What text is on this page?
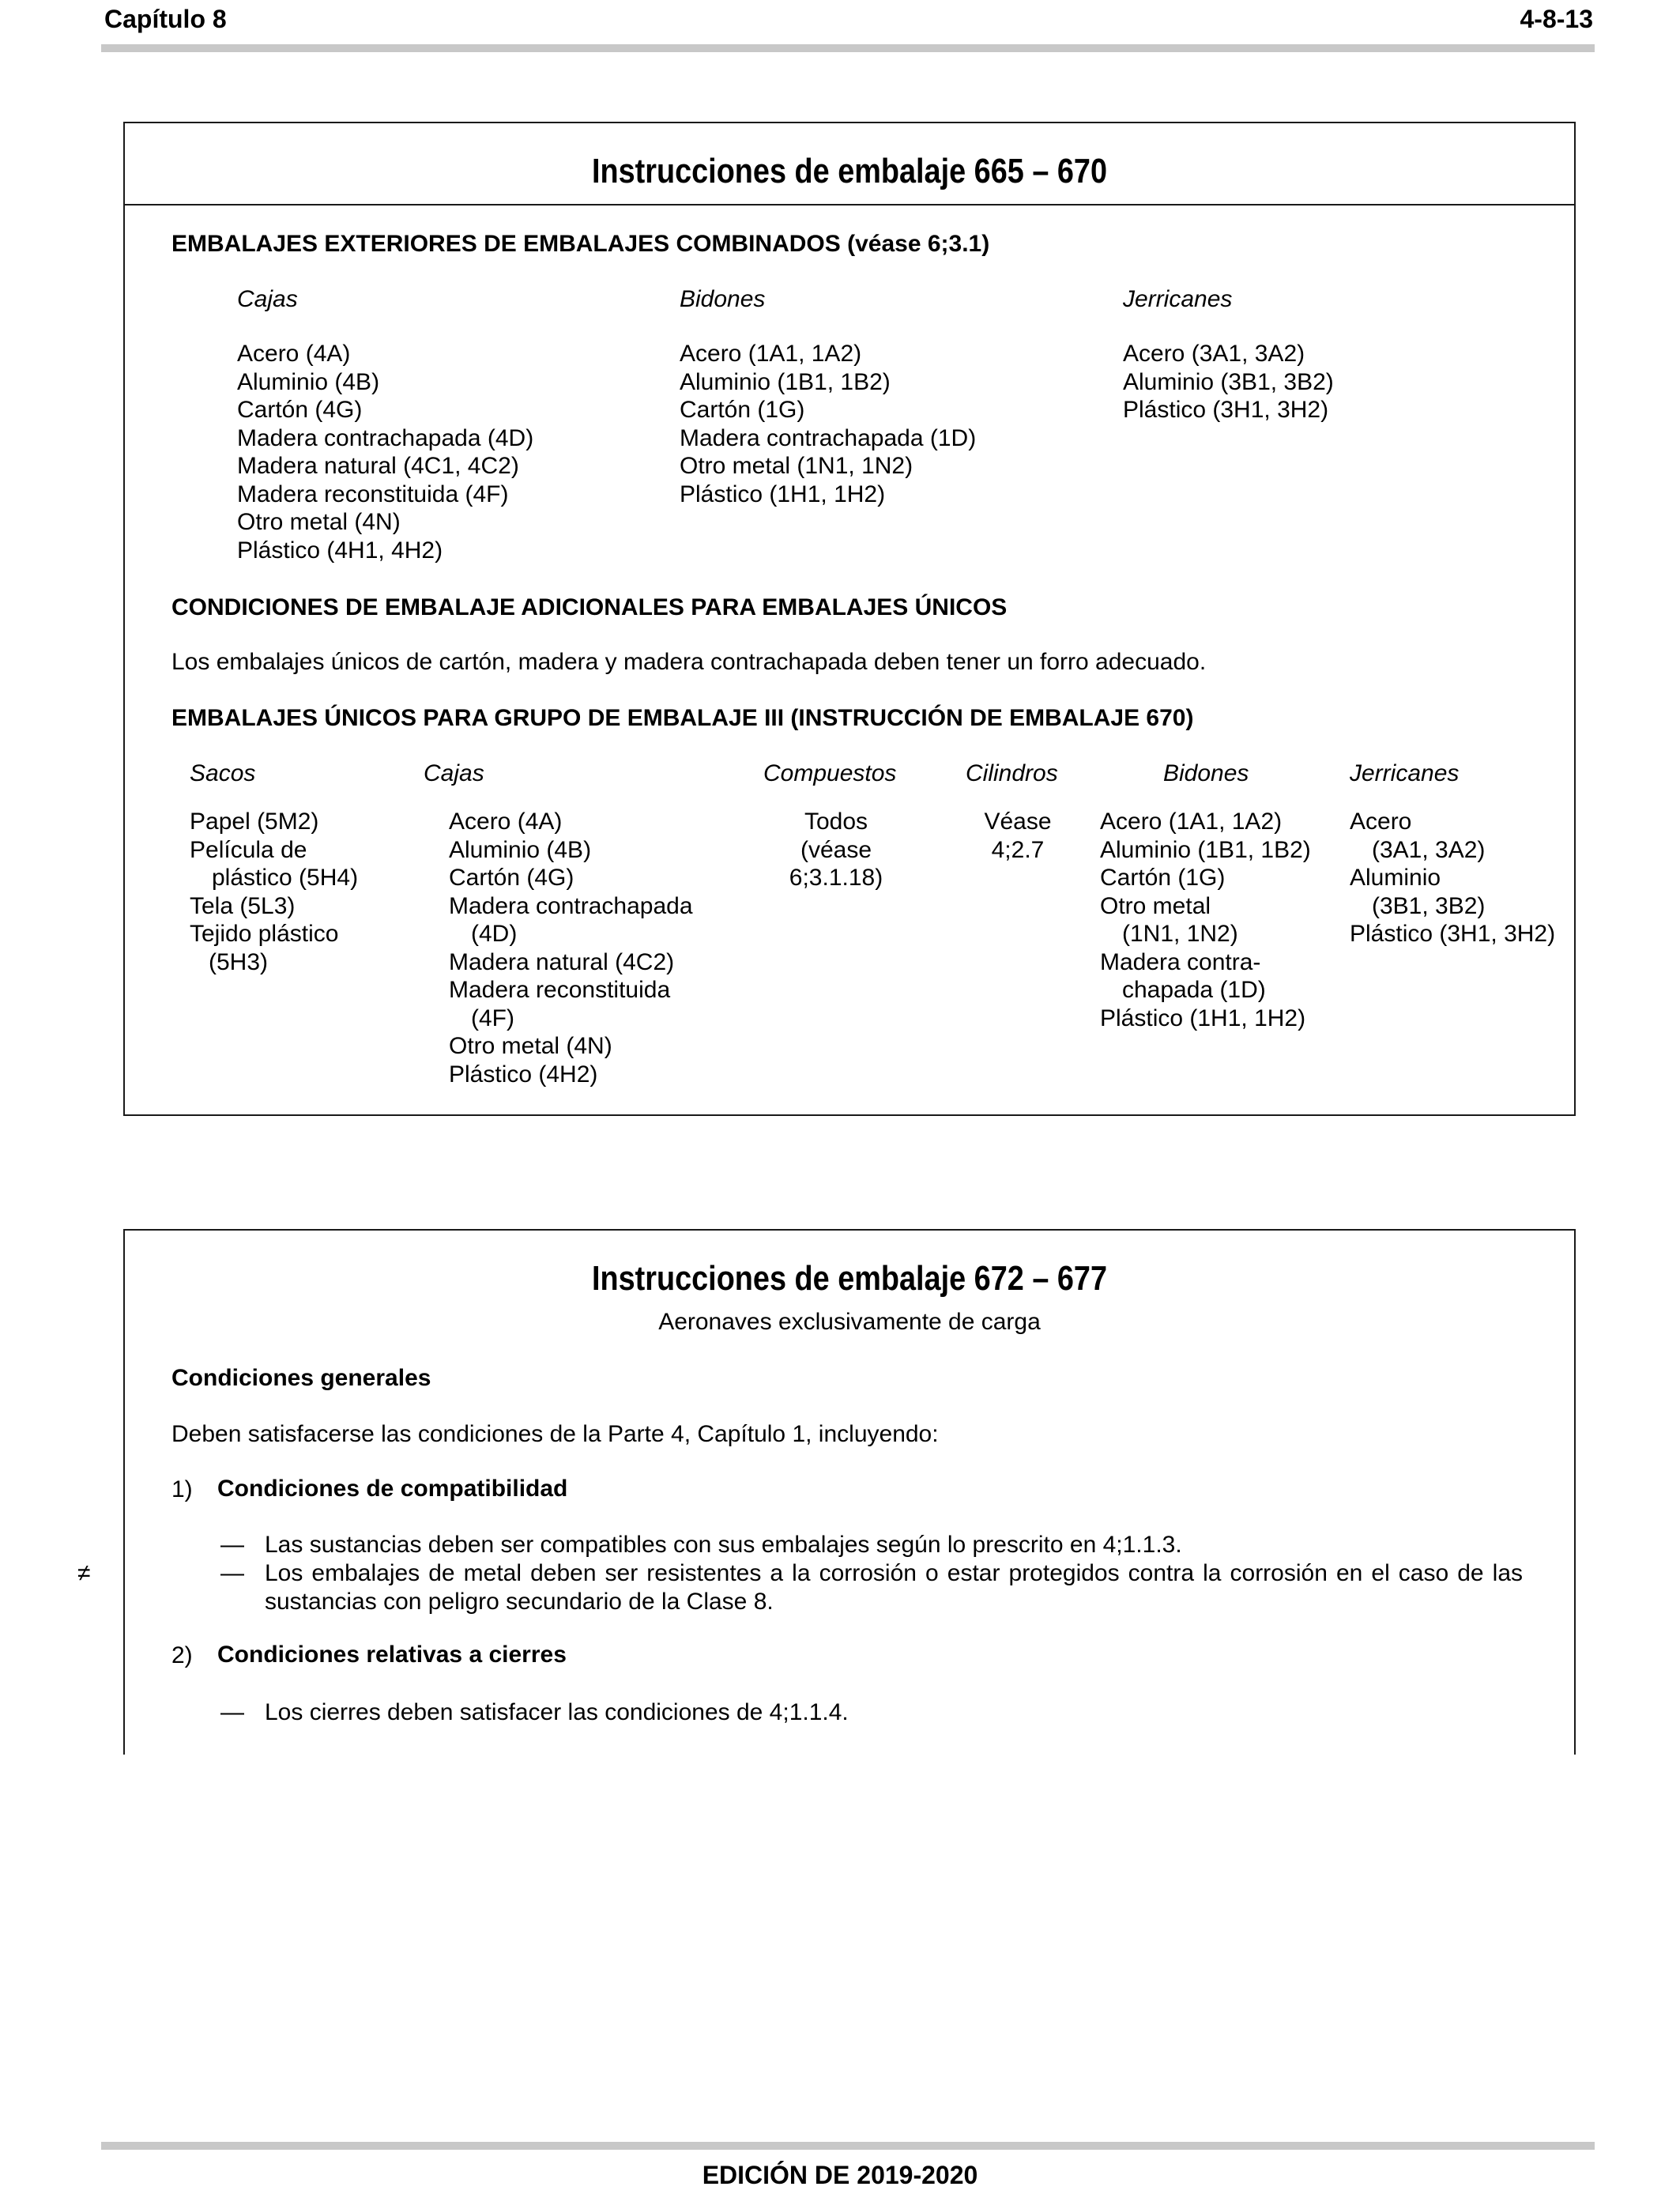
Capítulo 8	4-8-13
Instrucciones de embalaje 665 – 670
EMBALAJES EXTERIORES DE EMBALAJES COMBINADOS (véase 6;3.1)
Cajas
Acero (4A)
Aluminio (4B)
Cartón (4G)
Madera contrachapada (4D)
Madera natural (4C1, 4C2)
Madera reconstituida (4F)
Otro metal (4N)
Plástico (4H1, 4H2)
Bidones
Acero (1A1, 1A2)
Aluminio (1B1, 1B2)
Cartón (1G)
Madera contrachapada (1D)
Otro metal (1N1, 1N2)
Plástico (1H1, 1H2)
Jerricanes
Acero (3A1, 3A2)
Aluminio (3B1, 3B2)
Plástico (3H1, 3H2)
CONDICIONES DE EMBALAJE ADICIONALES PARA EMBALAJES ÚNICOS
Los embalajes únicos de cartón, madera y madera contrachapada deben tener un forro adecuado.
EMBALAJES ÚNICOS PARA GRUPO DE EMBALAJE III (INSTRUCCIÓN DE EMBALAJE 670)
Sacos
Papel (5M2)
Película de
plástico (5H4)
Tela (5L3)
Tejido plástico
(5H3)
Cajas
Acero (4A)
Aluminio (4B)
Cartón (4G)
Madera contrachapada
(4D)
Madera natural (4C2)
Madera reconstituida
(4F)
Otro metal (4N)
Plástico (4H2)
Compuestos
Todos
(véase
6;3.1.18)
Cilindros
Véase
4;2.7
Bidones
Acero (1A1, 1A2)
Aluminio (1B1, 1B2)
Cartón (1G)
Otro metal
(1N1, 1N2)
Madera contra-
chapada (1D)
Plástico (1H1, 1H2)
Jerricanes
Acero
(3A1, 3A2)
Aluminio
(3B1, 3B2)
Plástico (3H1, 3H2)
Instrucciones de embalaje 672 – 677
Aeronaves exclusivamente de carga
Condiciones generales
Deben satisfacerse las condiciones de la Parte 4, Capítulo 1, incluyendo:
1) Condiciones de compatibilidad
— Las sustancias deben ser compatibles con sus embalajes según lo prescrito en 4;1.1.3.
— Los embalajes de metal deben ser resistentes a la corrosión o estar protegidos contra la corrosión en el caso de las sustancias con peligro secundario de la Clase 8.
2) Condiciones relativas a cierres
— Los cierres deben satisfacer las condiciones de 4;1.1.4.
≠
EDICIÓN DE 2019-2020
